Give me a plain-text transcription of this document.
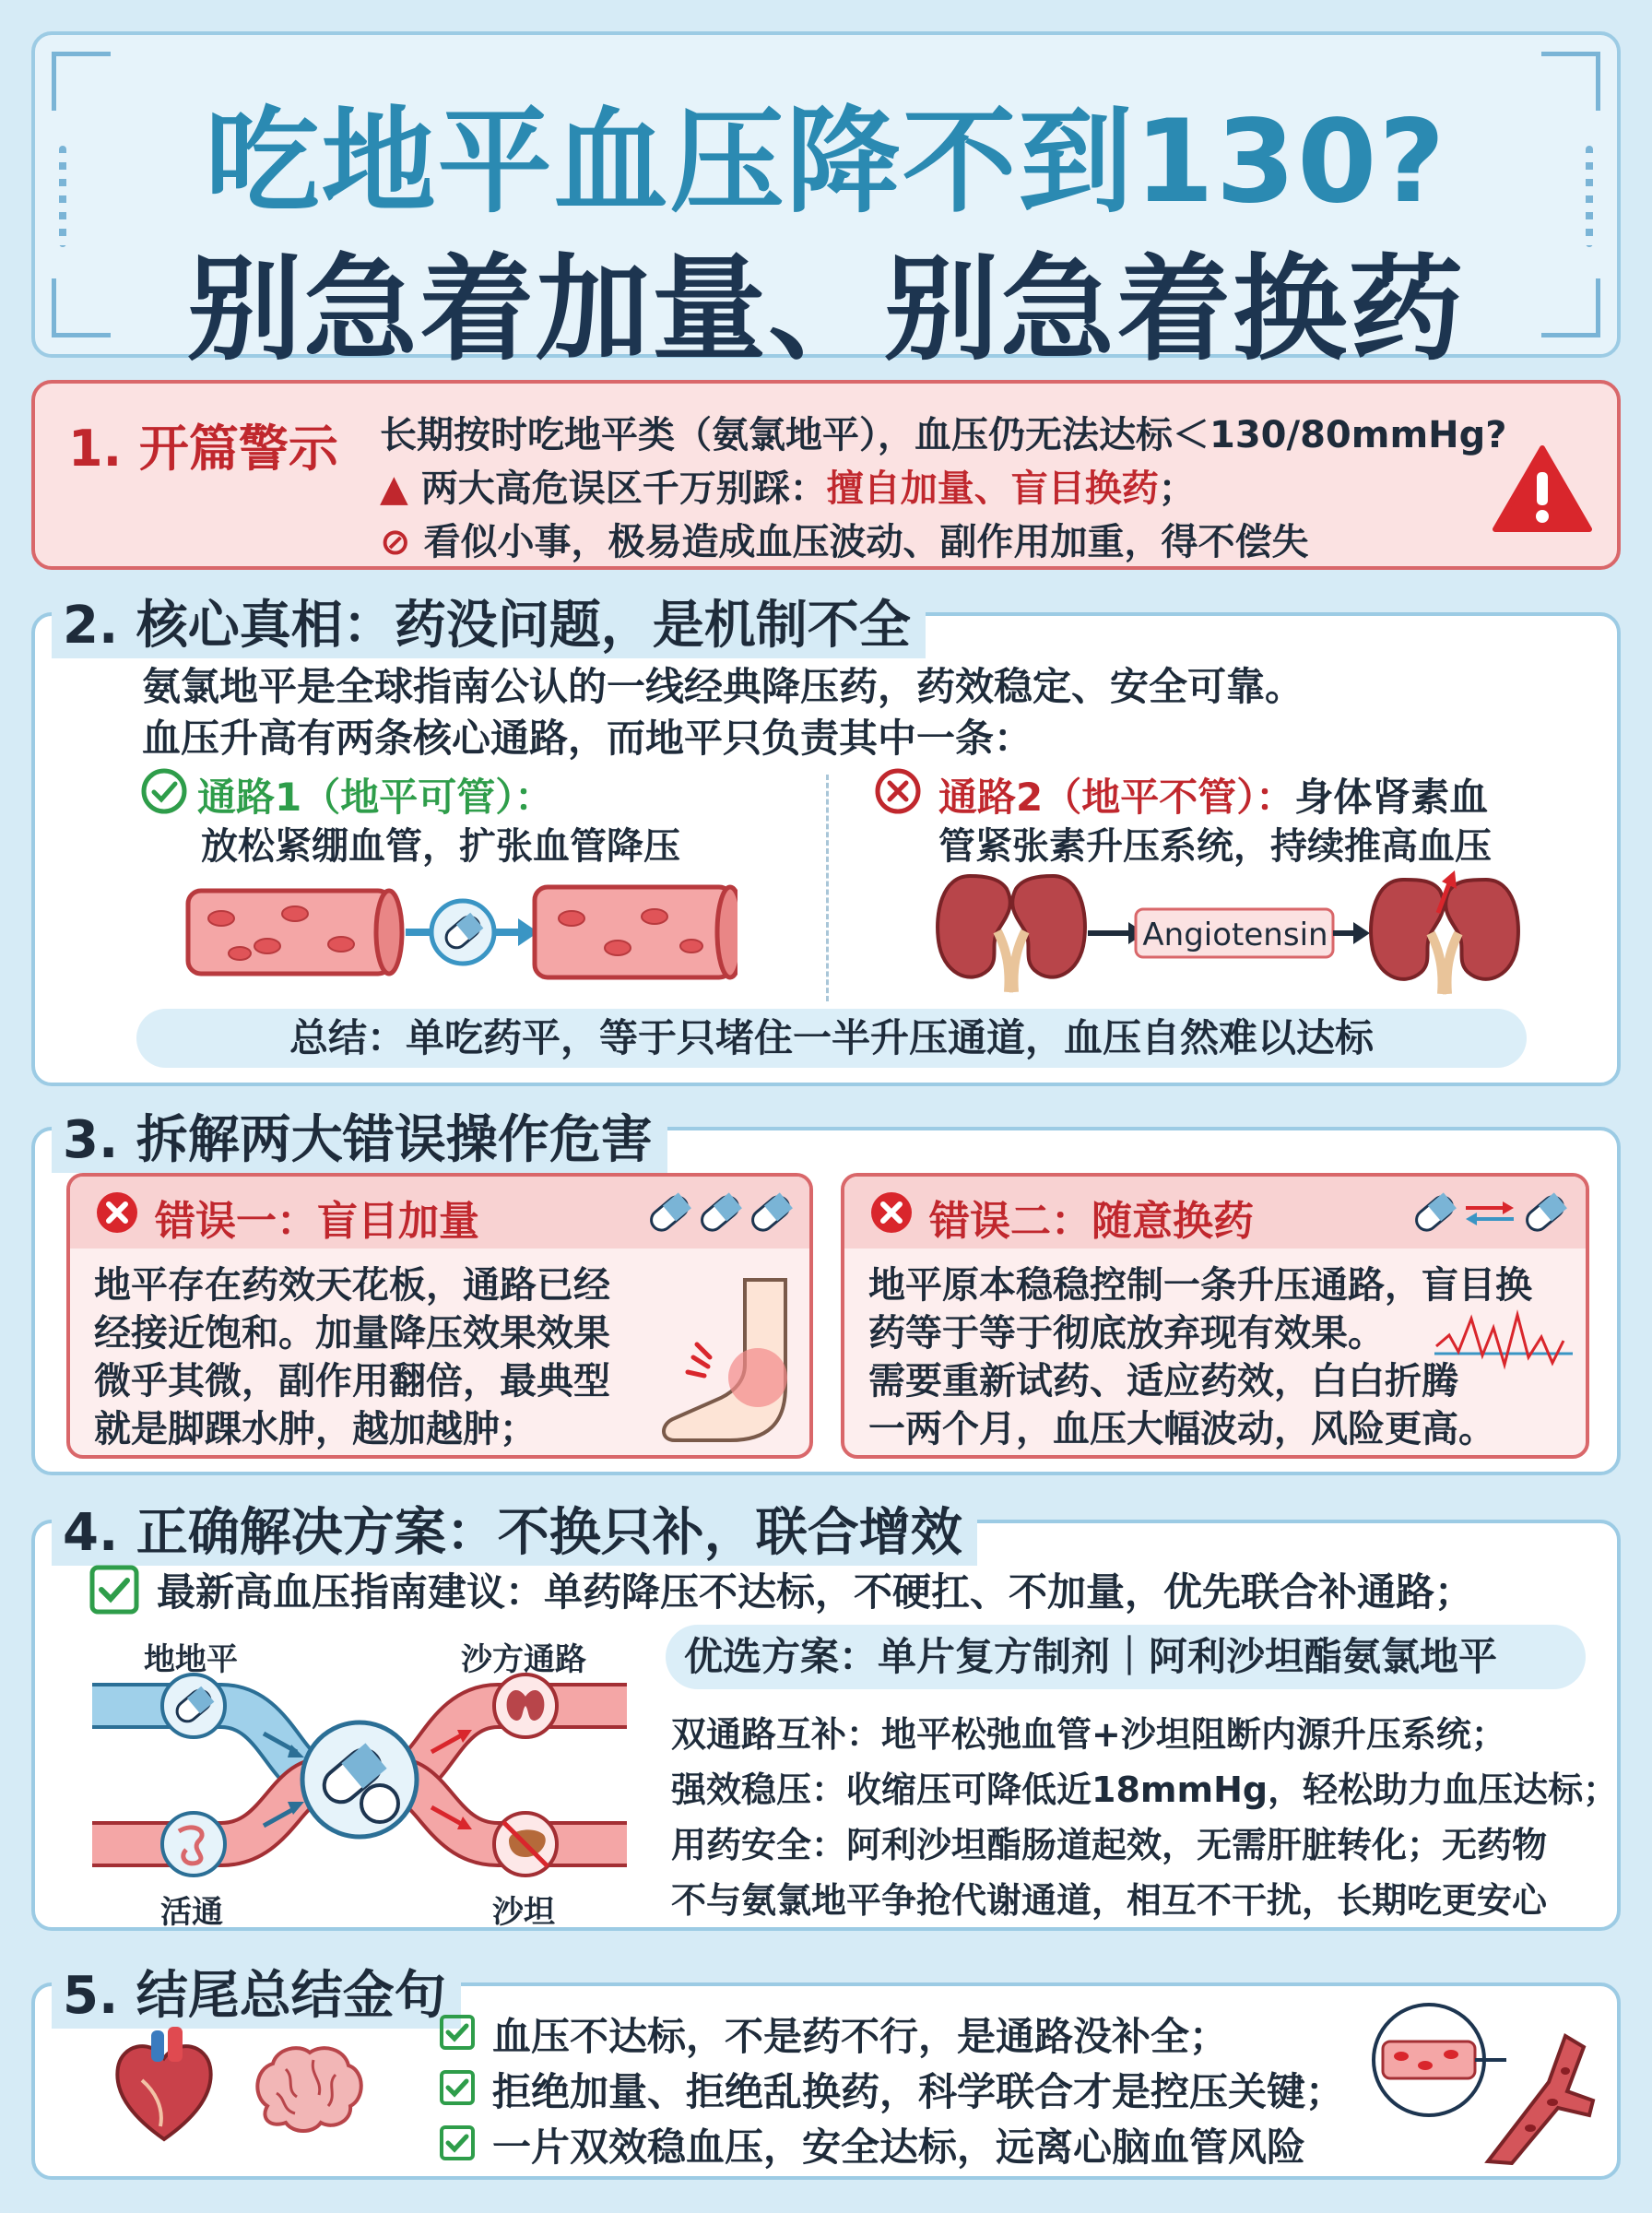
吃地平血压降不到130?
别急着加量、别急着换药
1. 开篇警示 长期按时吃地平类（氨氯地平），血压仍无法达标＜130/80mmHg?
▲ 两大高危误区千万别踩：擅自加量、盲目换药；
⊘ 看似小事，极易造成血压波动、副作用加重，得不偿失
2. 核心真相：药没问题，是机制不全
氨氯地平是全球指南公认的一线经典降压药，药效稳定、安全可靠。
血压升高有两条核心通路，而地平只负责其中一条：
通路1（地平可管）：
放松紧绷血管，扩张血管降压
通路2（地平不管）：身体肾素血
管紧张素升压系统，持续推高血压
Angiotensin
总结：单吃药平，等于只堵住一半升压通道，血压自然难以达标
3. 拆解两大错误操作危害
错误一：盲目加量
地平存在药效天花板，通路已经
经接近饱和。加量降压效果效果
微乎其微，副作用翻倍，最典型
就是脚踝水肿，越加越肿；
错误二：随意换药
地平原本稳稳控制一条升压通路，盲目换
药等于等于彻底放弃现有效果。
需要重新试药、适应药效，白白折腾
一两个月，血压大幅波动，风险更高。
4. 正确解决方案：不换只补，联合增效
最新高血压指南建议：单药降压不达标，不硬扛、不加量，优先联合补通路；
地地平	沙方通路
活通	沙坦
优选方案：单片复方制剂｜阿利沙坦酯氨氯地平
双通路互补：地平松弛血管+沙坦阻断内源升压系统；
强效稳压：收缩压可降低近18mmHg，轻松助力血压达标；
用药安全：阿利沙坦酯肠道起效，无需肝脏转化；无药物
不与氨氯地平争抢代谢通道，相互不干扰，长期吃更安心
5. 结尾总结金句
血压不达标，不是药不行，是通路没补全；
拒绝加量、拒绝乱换药，科学联合才是控压关键；
一片双效稳血压，安全达标，远离心脑血管风险
